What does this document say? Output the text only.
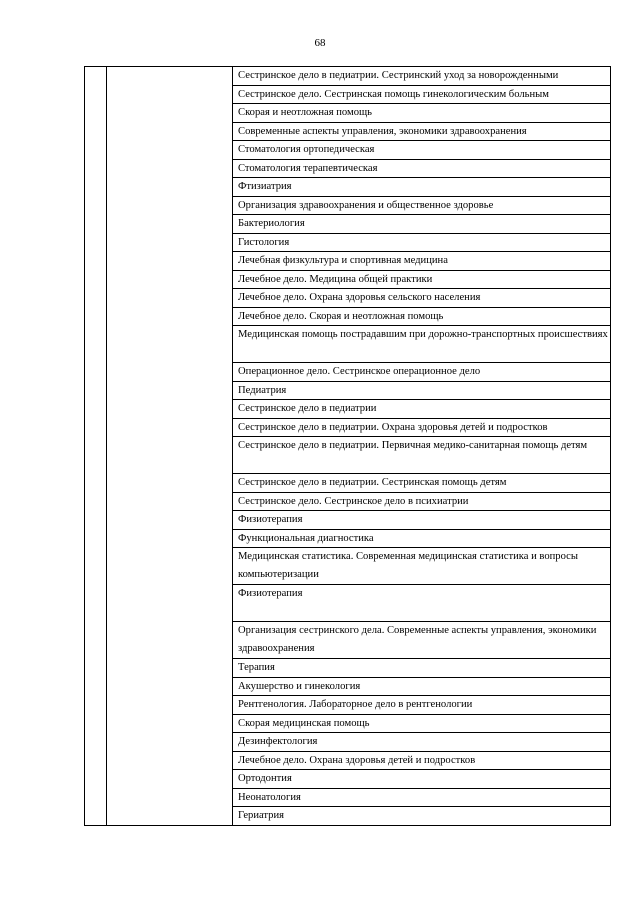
68

Сестринское дело в педиатрии. Сестринский уход за новорожденными

Сестринское дело. Сестринская помощь гинекологическим больным

Скорая и неотложная помощь

Современные аспекты управления, экономики здравоохранения

Стоматология ортопедическая

Стоматология терапевтическая

Фтизиатрия

Организация здравоохранения и общественное здоровье

Бактериология

Гистология

Лечебная физкультура и спортивная медицина

Лечебное дело. Медицина общей практики

Лечебное дело. Охрана здоровья сельского населения

Лечебное дело. Скорая и неотложная помощь

Медицинская помощь пострадавшим при дорожно-транспортных происшествиях

Операционное дело. Сестринское операционное дело

Педиатрия

Сестринское дело в педиатрии

Сестринское дело в педиатрии. Охрана здоровья детей и подростков

Сестринское дело в педиатрии. Первичная медико-санитарная помощь детям

Сестринское дело в педиатрии. Сестринская помощь детям

Сестринское дело. Сестринское дело в психиатрии

Физиотерапия

Функциональная диагностика

Медицинская статистика. Современная медицинская статистика и вопросы компьютеризации

Физиотерапия

Организация сестринского дела. Современные аспекты управления, экономики здравоохранения

Терапия

Акушерство и гинекология

Рентгенология. Лабораторное дело в рентгенологии

Скорая медицинская помощь

Дезинфектология

Лечебное дело. Охрана здоровья детей и подростков

Ортодонтия

Неонатология

Гериатрия
